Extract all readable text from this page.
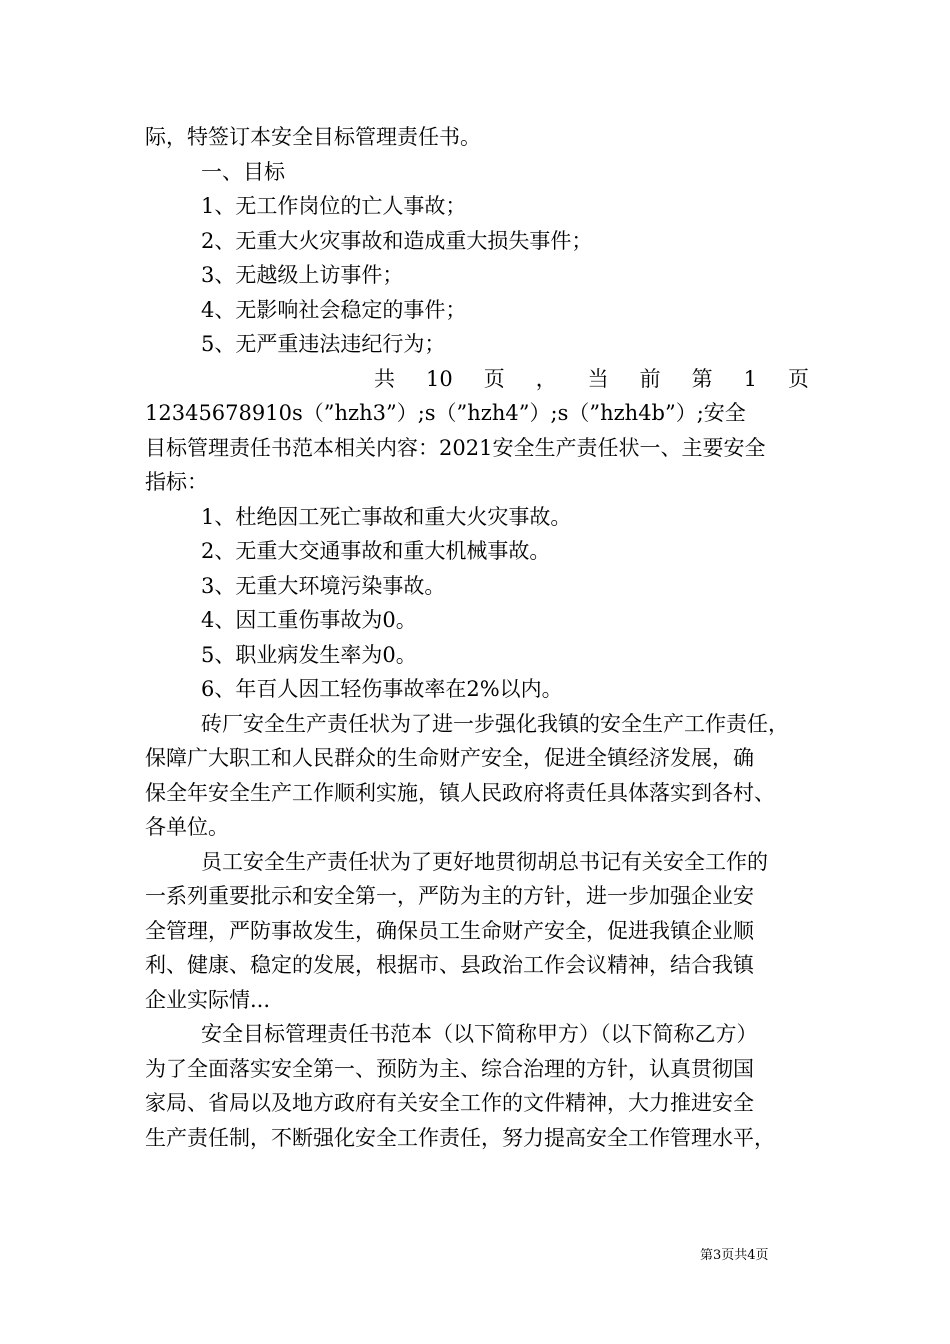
际，特签订本安全目标管理责任书。
一、目标
1、无工作岗位的亡人事故；
2、无重大火灾事故和造成重大损失事件；
3、无越级上访事件；
4、无影响社会稳定的事件；
5、无严重违法违纪行为；
共 10 页 ， 当 前 第 1 页
12345678910s（”hzh3”）;s（”hzh4”）;s（”hzh4b”）;安全
目标管理责任书范本相关内容：2021安全生产责任状一、主要安全
指标：
1、杜绝因工死亡事故和重大火灾事故。
2、无重大交通事故和重大机械事故。
3、无重大环境污染事故。
4、因工重伤事故为0。
5、职业病发生率为0。
6、年百人因工轻伤事故率在2%以内。
砖厂安全生产责任状为了进一步强化我镇的安全生产工作责任，
保障广大职工和人民群众的生命财产安全，促进全镇经济发展，确
保全年安全生产工作顺利实施，镇人民政府将责任具体落实到各村、
各单位。
员工安全生产责任状为了更好地贯彻胡总书记有关安全工作的
一系列重要批示和安全第一，严防为主的方针，进一步加强企业安
全管理，严防事故发生，确保员工生命财产安全，促进我镇企业顺
利、健康、稳定的发展，根据市、县政治工作会议精神，结合我镇
企业实际情...
安全目标管理责任书范本（以下简称甲方）（以下简称乙方）
为了全面落实安全第一、预防为主、综合治理的方针，认真贯彻国
家局、省局以及地方政府有关安全工作的文件精神，大力推进安全
生产责任制，不断强化安全工作责任，努力提高安全工作管理水平，
第3页共4页
